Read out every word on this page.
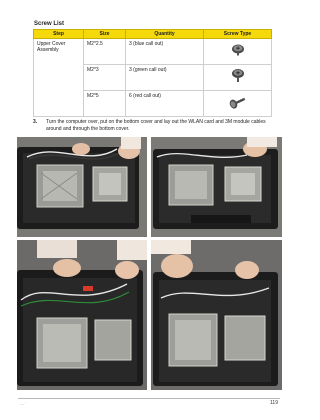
Screw List
Step	Size	Quantity	Screw Type
Upper Cover Assembly	M2*2.5	3 (blue call out)	
	M2*3	3 (green call out)	
	M2*5	6 (red call out)	
3. Turn the computer over, put on the bottom cover and lay out the WLAN card and 3M module cables around and through the bottom cover.
— ’	119
